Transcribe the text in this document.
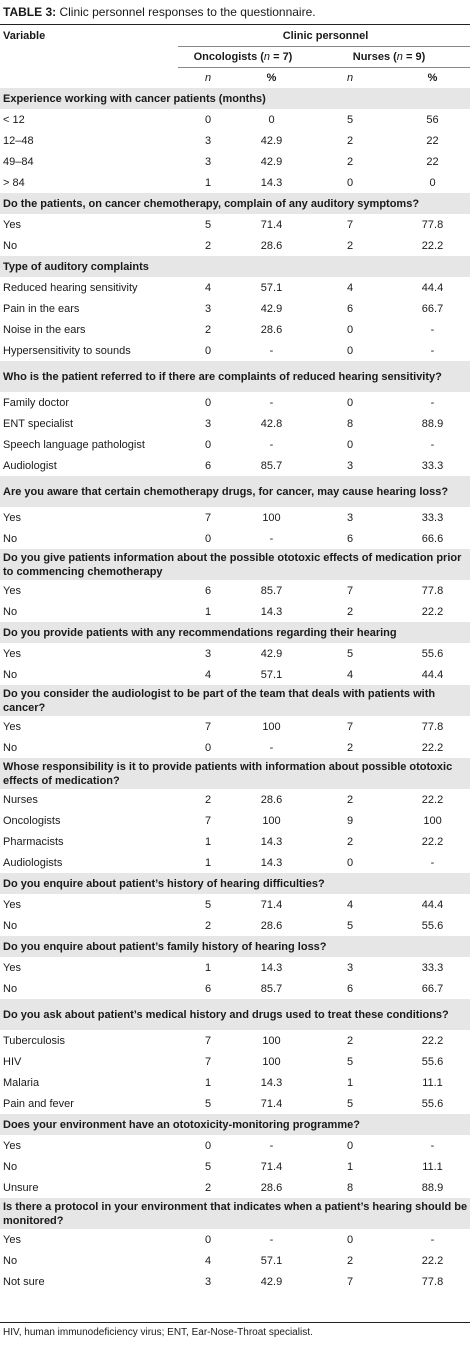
TABLE 3: Clinic personnel responses to the questionnaire.
Variable	Clinic personnel			
	Oncologists (n = 7)		Nurses (n = 9)	
	n	%	n	%
Experience working with cancer patients (months)				
< 12	0	0	5	56
12–48	3	42.9	2	22
49–84	3	42.9	2	22
> 84	1	14.3	0	0
Do the patients, on cancer chemotherapy, complain of any auditory symptoms?				
Yes	5	71.4	7	77.8
No	2	28.6	2	22.2
Type of auditory complaints				
Reduced hearing sensitivity	4	57.1	4	44.4
Pain in the ears	3	42.9	6	66.7
Noise in the ears	2	28.6	0	-
Hypersensitivity to sounds	0	-	0	-
Who is the patient referred to if there are complaints of reduced hearing sensitivity?				
Family doctor	0	-	0	-
ENT specialist	3	42.8	8	88.9
Speech language pathologist	0	-	0	-
Audiologist	6	85.7	3	33.3
Are you aware that certain chemotherapy drugs, for cancer, may cause hearing loss?				
Yes	7	100	3	33.3
No	0	-	6	66.6
Do you give patients information about the possible ototoxic effects of medication prior to commencing chemotherapy				
Yes	6	85.7	7	77.8
No	1	14.3	2	22.2
Do you provide patients with any recommendations regarding their hearing				
Yes	3	42.9	5	55.6
No	4	57.1	4	44.4
Do you consider the audiologist to be part of the team that deals with patients with cancer?				
Yes	7	100	7	77.8
No	0	-	2	22.2
Whose responsibility is it to provide patients with information about possible ototoxic effects of medication?				
Nurses	2	28.6	2	22.2
Oncologists	7	100	9	100
Pharmacists	1	14.3	2	22.2
Audiologists	1	14.3	0	-
Do you enquire about patient’s history of hearing difficulties?				
Yes	5	71.4	4	44.4
No	2	28.6	5	55.6
Do you enquire about patient’s family history of hearing loss?				
Yes	1	14.3	3	33.3
No	6	85.7	6	66.7
Do you ask about patient’s medical history and drugs used to treat these conditions?				
Tuberculosis	7	100	2	22.2
HIV	7	100	5	55.6
Malaria	1	14.3	1	11.1
Pain and fever	5	71.4	5	55.6
Does your environment have an ototoxicity-monitoring programme?				
Yes	0	-	0	-
No	5	71.4	1	11.1
Unsure	2	28.6	8	88.9
Is there a protocol in your environment that indicates when a patient’s hearing should be monitored?				
Yes	0	-	0	-
No	4	57.1	2	22.2
Not sure	3	42.9	7	77.8
HIV, human immunodeficiency virus; ENT, Ear-Nose-Throat specialist.
